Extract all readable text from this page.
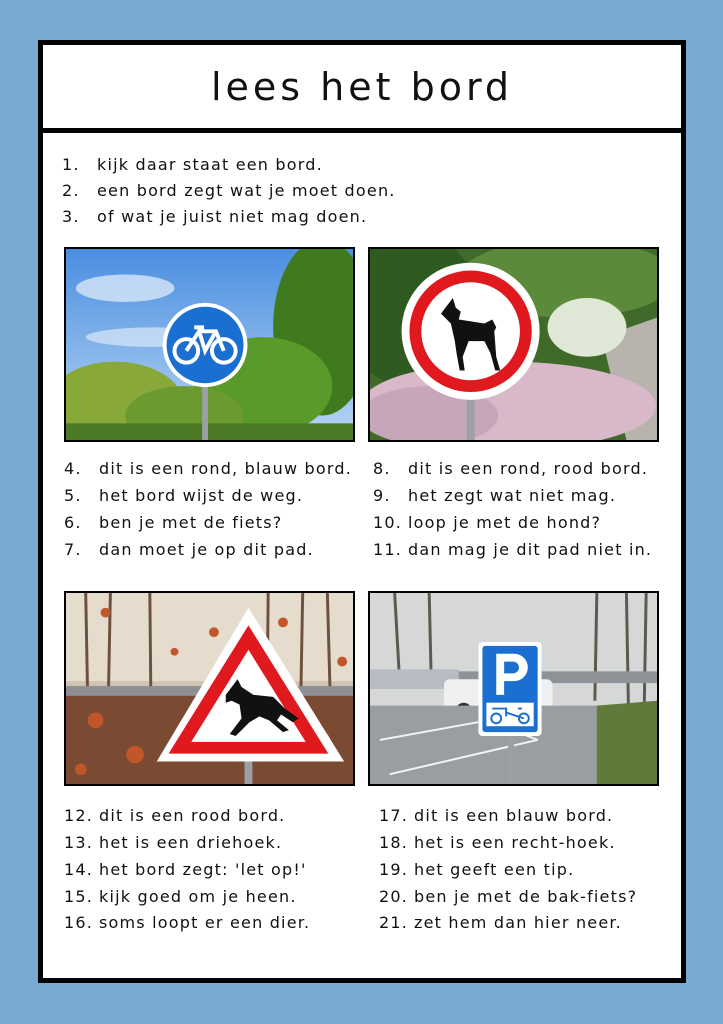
lees het bord
1. kijk daar staat een bord.
2. een bord zegt wat je moet doen.
3. of wat je juist niet mag doen.
4. dit is een rond, blauw bord.
5. het bord wijst de weg.
6. ben je met de fiets?
7. dan moet je op dit pad.
8. dit is een rond, rood bord.
9. het zegt wat niet mag.
10. loop je met de hond?
11. dan mag je dit pad niet in.
12. dit is een rood bord.
13. het is een driehoek.
14. het bord zegt: 'let op!'
15. kijk goed om je heen.
16. soms loopt er een dier.
17. dit is een blauw bord.
18. het is een recht-hoek.
19. het geeft een tip.
20. ben je met de bak-fiets?
21. zet hem dan hier neer.
